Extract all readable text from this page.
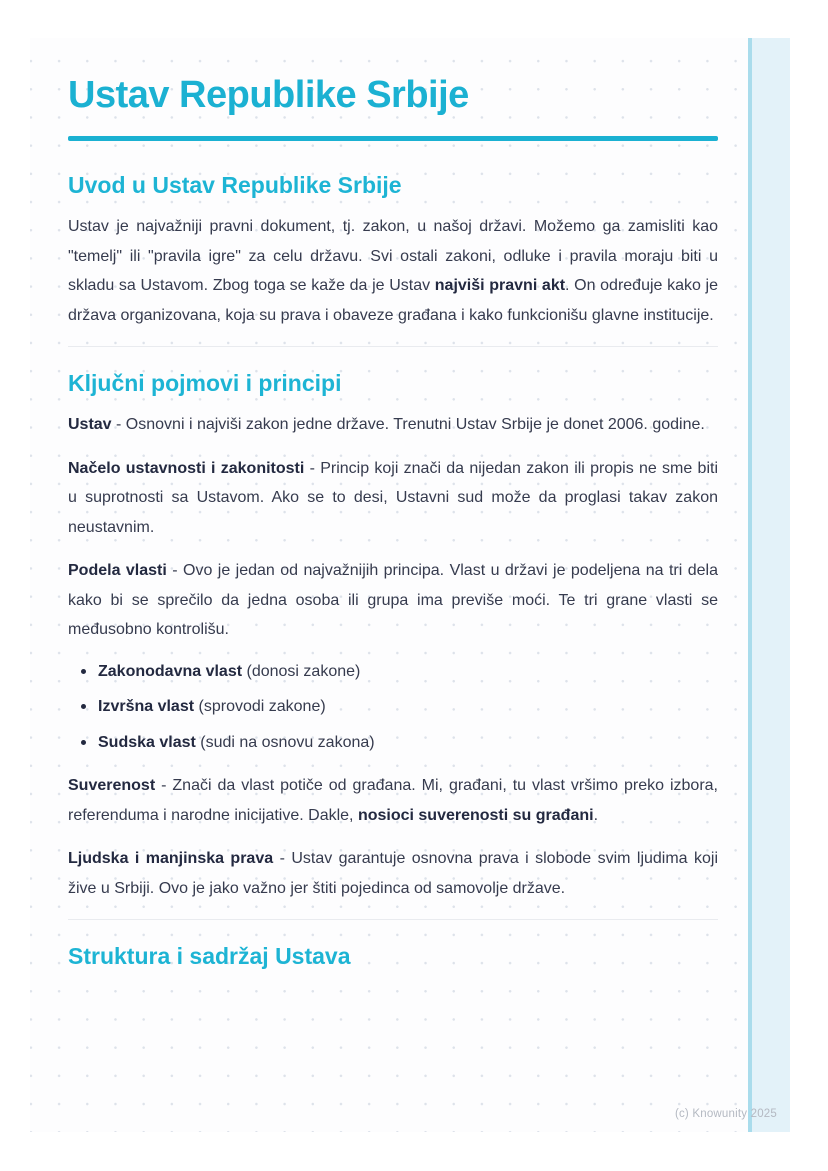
Ustav Republike Srbije
Uvod u Ustav Republike Srbije

Ustav je najvažniji pravni dokument, tj. zakon, u našoj državi. Možemo ga zamisliti kao "temelj" ili "pravila igre" za celu državu. Svi ostali zakoni, odluke i pravila moraju biti u skladu sa Ustavom. Zbog toga se kaže da je Ustav najviši pravni akt. On određuje kako je država organizovana, koja su prava i obaveze građana i kako funkcionišu glavne institucije.

Ključni pojmovi i principi

Ustav - Osnovni i najviši zakon jedne države. Trenutni Ustav Srbije je donet 2006. godine.

Načelo ustavnosti i zakonitosti - Princip koji znači da nijedan zakon ili propis ne sme biti u suprotnosti sa Ustavom. Ako se to desi, Ustavni sud može da proglasi takav zakon neustavnim.

Podela vlasti - Ovo je jedan od najvažnijih principa. Vlast u državi je podeljena na tri dela kako bi se sprečilo da jedna osoba ili grupa ima previše moći. Te tri grane vlasti se međusobno kontrolišu.

Zakonodavna vlast (donosi zakone)
Izvršna vlast (sprovodi zakone)
Sudska vlast (sudi na osnovu zakona)

Suverenost - Znači da vlast potiče od građana. Mi, građani, tu vlast vršimo preko izbora, referenduma i narodne inicijative. Dakle, nosioci suverenosti su građani.

Ljudska i manjinska prava - Ustav garantuje osnovna prava i slobode svim ljudima koji žive u Srbiji. Ovo je jako važno jer štiti pojedinca od samovolje države.

Struktura i sadržaj Ustava
(c) Knowunity 2025
